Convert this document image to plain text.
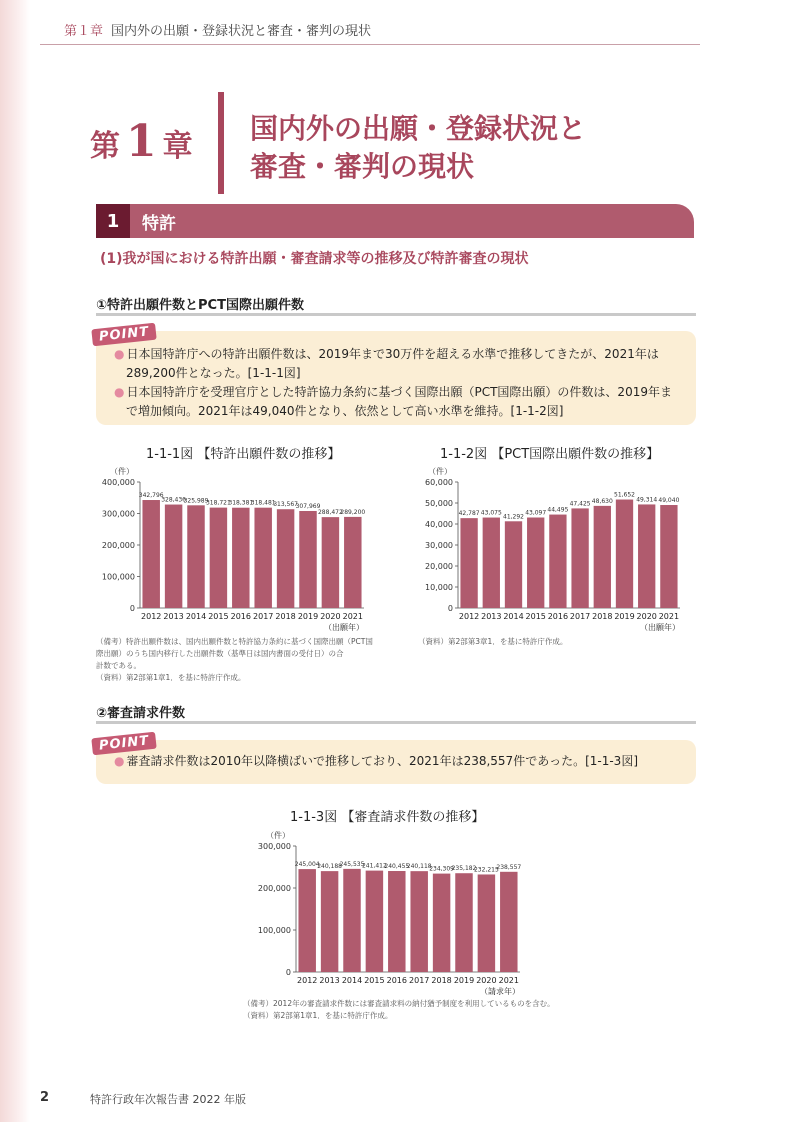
第１章 国内外の出願・登録状況と審査・審判の現状
第 1 章
国内外の出願・登録状況と
審査・審判の現状
1	特許
(1)我が国における特許出願・審査請求等の推移及び特許審査の現状
①特許出願件数とPCT国際出願件数
● 日本国特許庁への特許出願件数は、2019年まで30万件を超える水準で推移してきたが、2021年は289,200件となった。[1-1-1図]
● 日本国特許庁を受理官庁とした特許協力条約に基づく国際出願（PCT国際出願）の件数は、2019年まで増加傾向。2021年は49,040件となり、依然として高い水準を維持。[1-1-2図]
POINT
1-1-1図 【特許出願件数の推移】
（件）
0
100,000
200,000
300,000
400,000
342,796
2012
328,436
2013
325,989
2014
318,721
2015
318,381
2016
318,481
2017
313,567
2018
307,969
2019
288,472
2020
289,200
2021
（出願年）
（備考）特許出願件数は、国内出願件数と特許協力条約に基づく国際出願（PCT国
際出願）のうち国内移行した出願件数（基準日は国内書面の受付日）の合
計数である。
（資料）第2部第1章1．を基に特許庁作成。
1-1-2図 【PCT国際出願件数の推移】
（件）
0
10,000
20,000
30,000
40,000
50,000
60,000
42,787
2012
43,075
2013
41,292
2014
43,097
2015
44,495
2016
47,425
2017
48,630
2018
51,652
2019
49,314
2020
49,040
2021
（出願年）
（資料）第2部第3章1．を基に特許庁作成。
②審査請求件数
● 審査請求件数は2010年以降横ばいで推移しており、2021年は238,557件であった。[1-1-3図]
POINT
1-1-3図 【審査請求件数の推移】
（件）
0
100,000
200,000
300,000
245,004
2012
240,188
2013
245,535
2014
241,412
2015
240,455
2016
240,118
2017
234,309
2018
235,182
2019
232,215
2020
238,557
2021
（請求年）
（備考）2012年の審査請求件数には審査請求料の納付猶予制度を利用しているものを含む。
（資料）第2部第1章1．を基に特許庁作成。
2	特許行政年次報告書 2022 年版
